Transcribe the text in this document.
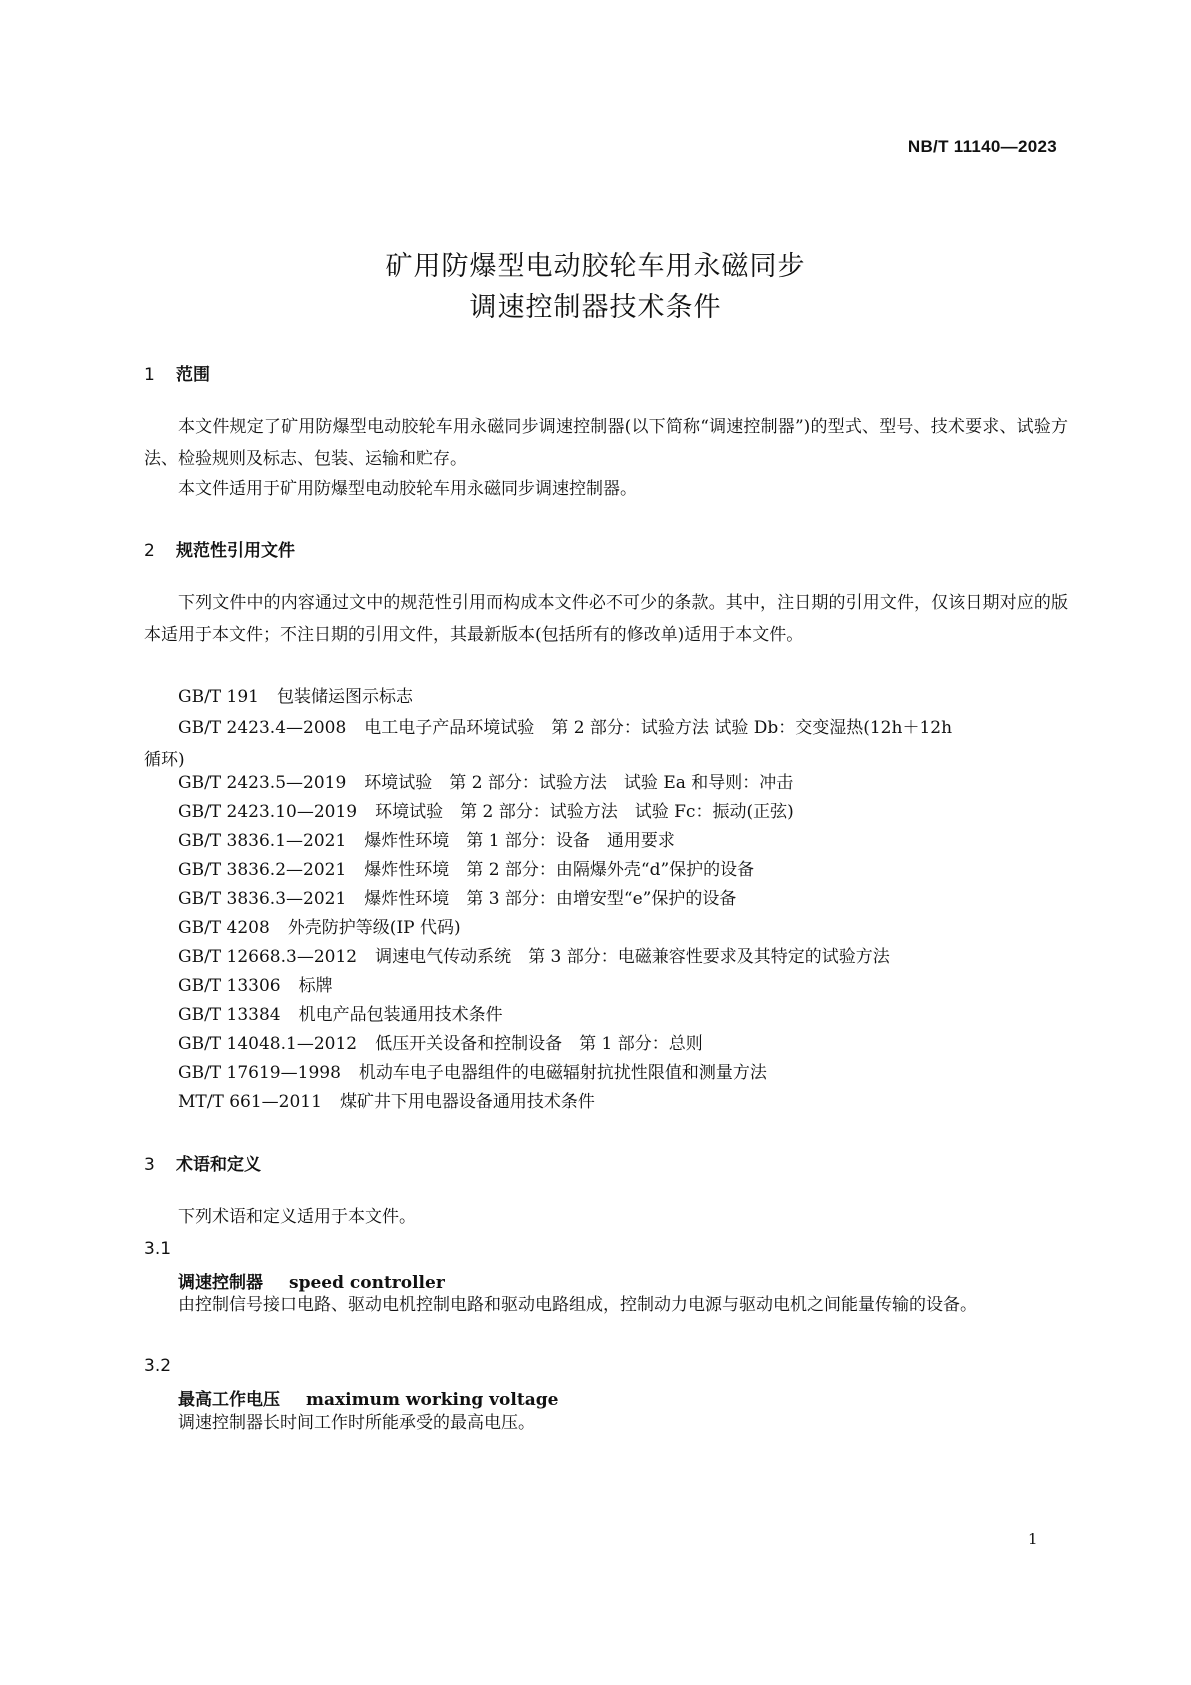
NB/T 11140—2023
矿用防爆型电动胶轮车用永磁同步
调速控制器技术条件
1 范围
本文件规定了矿用防爆型电动胶轮车用永磁同步调速控制器(以下简称“调速控制器”)的型式、型号、技术要求、试验方法、检验规则及标志、包装、运输和贮存。
本文件适用于矿用防爆型电动胶轮车用永磁同步调速控制器。
2 规范性引用文件
下列文件中的内容通过文中的规范性引用而构成本文件必不可少的条款。其中，注日期的引用文件，仅该日期对应的版本适用于本文件；不注日期的引用文件，其最新版本(包括所有的修改单)适用于本文件。
GB/T 191 包装储运图示标志
GB/T 2423.4—2008 电工电子产品环境试验　第 2 部分：试验方法 试验 Db：交变湿热(12h＋12h
循环)
GB/T 2423.5—2019 环境试验　第 2 部分：试验方法　试验 Ea 和导则：冲击
GB/T 2423.10—2019 环境试验　第 2 部分：试验方法　试验 Fc：振动(正弦)
GB/T 3836.1—2021 爆炸性环境　第 1 部分：设备　通用要求
GB/T 3836.2—2021 爆炸性环境　第 2 部分：由隔爆外壳“d”保护的设备
GB/T 3836.3—2021 爆炸性环境　第 3 部分：由增安型“e”保护的设备
GB/T 4208 外壳防护等级(IP 代码)
GB/T 12668.3—2012 调速电气传动系统　第 3 部分：电磁兼容性要求及其特定的试验方法
GB/T 13306 标牌
GB/T 13384 机电产品包装通用技术条件
GB/T 14048.1—2012 低压开关设备和控制设备　第 1 部分：总则
GB/T 17619—1998 机动车电子电器组件的电磁辐射抗扰性限值和测量方法
MT/T 661—2011 煤矿井下用电器设备通用技术条件
3 术语和定义
下列术语和定义适用于本文件。
3.1
调速控制器 speed controller
由控制信号接口电路、驱动电机控制电路和驱动电路组成，控制动力电源与驱动电机之间能量传输的设备。
3.2
最高工作电压 maximum working voltage
调速控制器长时间工作时所能承受的最高电压。
1
